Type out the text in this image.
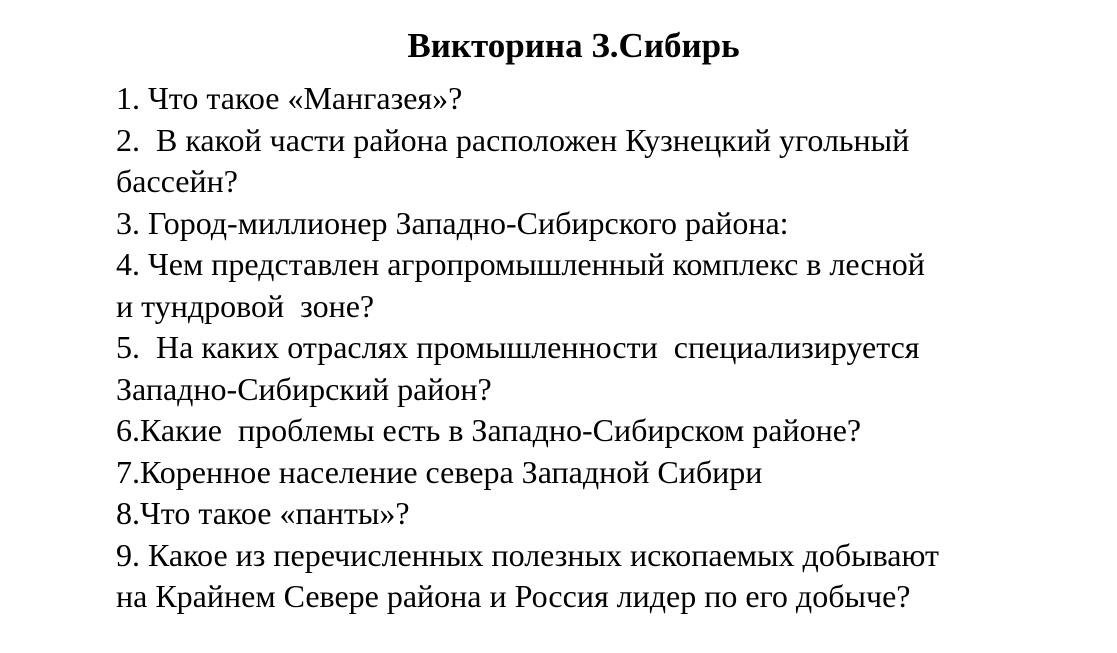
Викторина З.Сибирь
1. Что такое «Мангазея»?
2.  В какой части района расположен Кузнецкий угольный
бассейн?
3. Город-миллионер Западно-Сибирского района:
4. Чем представлен агропромышленный комплекс в лесной
и тундровой  зоне?
5.  На каких отраслях промышленности  специализируется
Западно-Сибирский район?
6.Какие  проблемы есть в Западно-Сибирском районе?
7.Коренное население севера Западной Сибири
8.Что такое «панты»?
9. Какое из перечисленных полезных ископаемых добывают
на Крайнем Севере района и Россия лидер по его добыче?
